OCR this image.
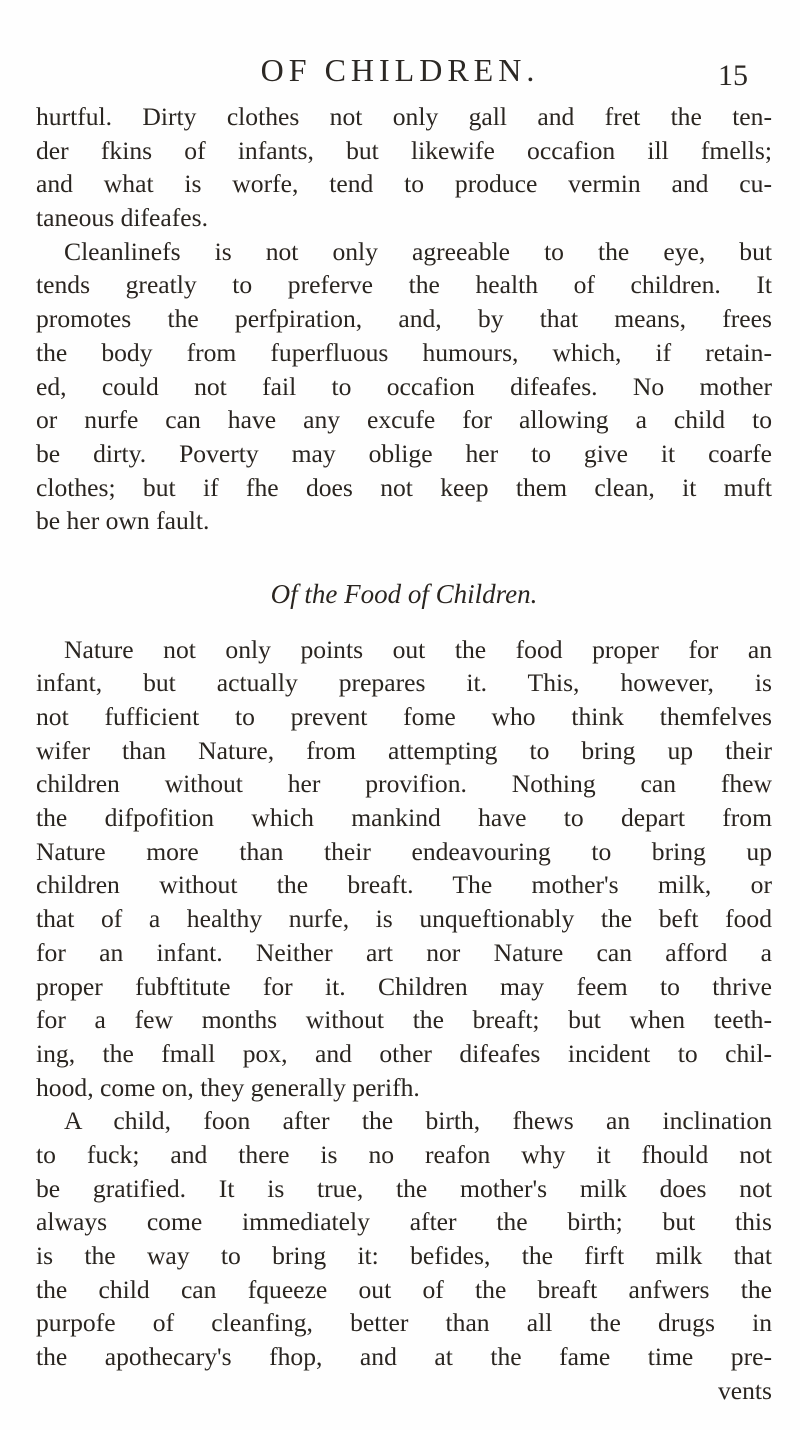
OF CHILDREN.	15
hurtful. Dirty clothes not only gall and fret the ten-
der fkins of infants, but likewife occafion ill fmells;
and what is worfe, tend to produce vermin and cu-
taneous difeafes.
Cleanlinefs is not only agreeable to the eye, but
tends greatly to preferve the health of children. It
promotes the perfpiration, and, by that means, frees
the body from fuperfluous humours, which, if retain-
ed, could not fail to occafion difeafes. No mother
or nurfe can have any excufe for allowing a child to
be dirty. Poverty may oblige her to give it coarfe
clothes; but if fhe does not keep them clean, it muft
be her own fault.
Of the Food of Children.
Nature not only points out the food proper for an
infant, but actually prepares it. This, however, is
not fufficient to prevent fome who think themfelves
wifer than Nature, from attempting to bring up their
children without her provifion. Nothing can fhew
the difpofition which mankind have to depart from
Nature more than their endeavouring to bring up
children without the breaft. The mother's milk, or
that of a healthy nurfe, is unqueftionably the beft food
for an infant. Neither art nor Nature can afford a
proper fubftitute for it. Children may feem to thrive
for a few months without the breaft; but when teeth-
ing, the fmall pox, and other difeafes incident to chil-
hood, come on, they generally perifh.
A child, foon after the birth, fhews an inclination
to fuck; and there is no reafon why it fhould not
be gratified. It is true, the mother's milk does not
always come immediately after the birth; but this
is the way to bring it: befides, the firft milk that
the child can fqueeze out of the breaft anfwers the
purpofe of cleanfing, better than all the drugs in
the apothecary's fhop, and at the fame time pre-
vents
